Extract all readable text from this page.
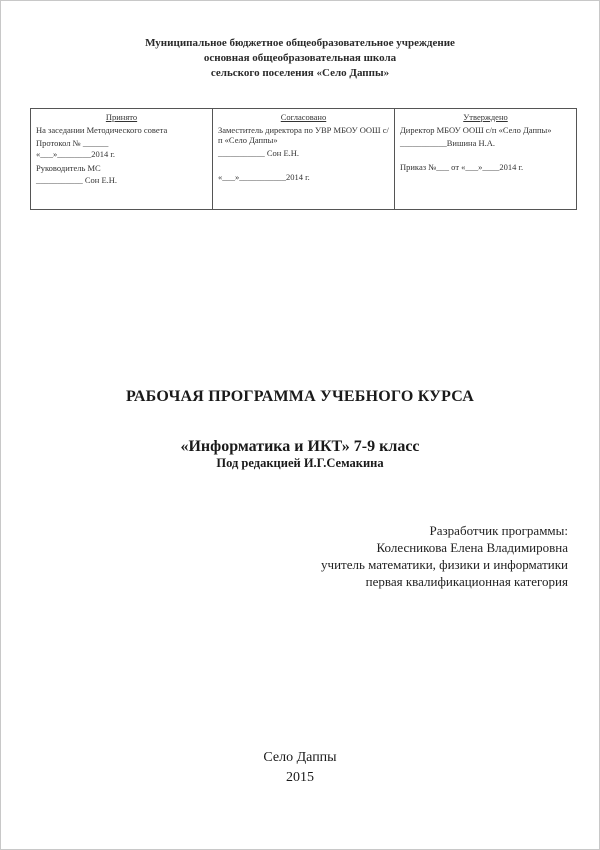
Муниципальное бюджетное общеобразовательное учреждение
основная общеобразовательная школа
сельского поселения «Село Даппы»
Принято
На заседании Методического совета
Протокол № ______
«___»________2014 г.
Руководитель МС
___________ Сон Е.Н.

Согласовано
Заместитель директора по УВР МБОУ ООШ с/п «Село Даппы»
___________ Сон Е.Н.
«___»___________2014 г.

Утверждено
Директор МБОУ ООШ с/п «Село Даппы»
___________Вишина Н.А.
Приказ №___ от «___»____2014 г.
РАБОЧАЯ ПРОГРАММА УЧЕБНОГО КУРСА
«Информатика и ИКТ» 7-9 класс
Под редакцией И.Г.Семакина
Разработчик программы:
Колесникова Елена Владимировна
учитель математики, физики и информатики
первая квалификационная категория
Село Даппы
2015
